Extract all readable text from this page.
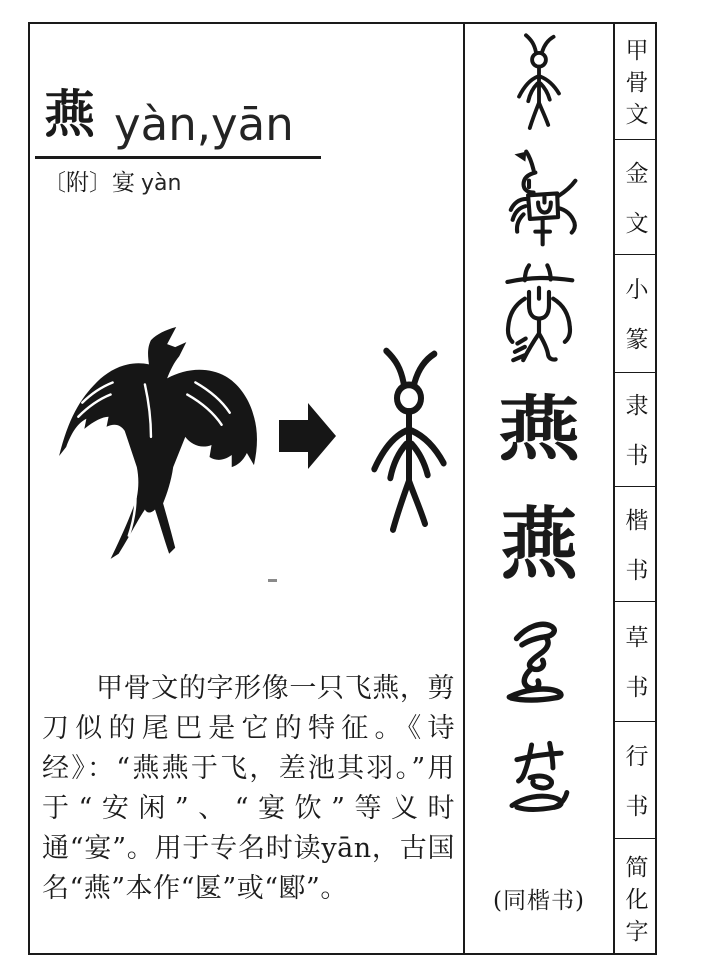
燕 yàn,yān
〔附〕宴 yàn

甲骨文的字形像一只飞燕，剪刀似的尾巴是它的特征。《诗经》：“燕燕于飞，差池其羽。”用于“安闲”、“宴饮”等义时通“宴”。用于专名时读yān，古国名“燕”本作“匽”或“郾”。

燕
燕
(同楷书)
甲骨文
金文
小篆
隶书
楷书
草书
行书
简化字
